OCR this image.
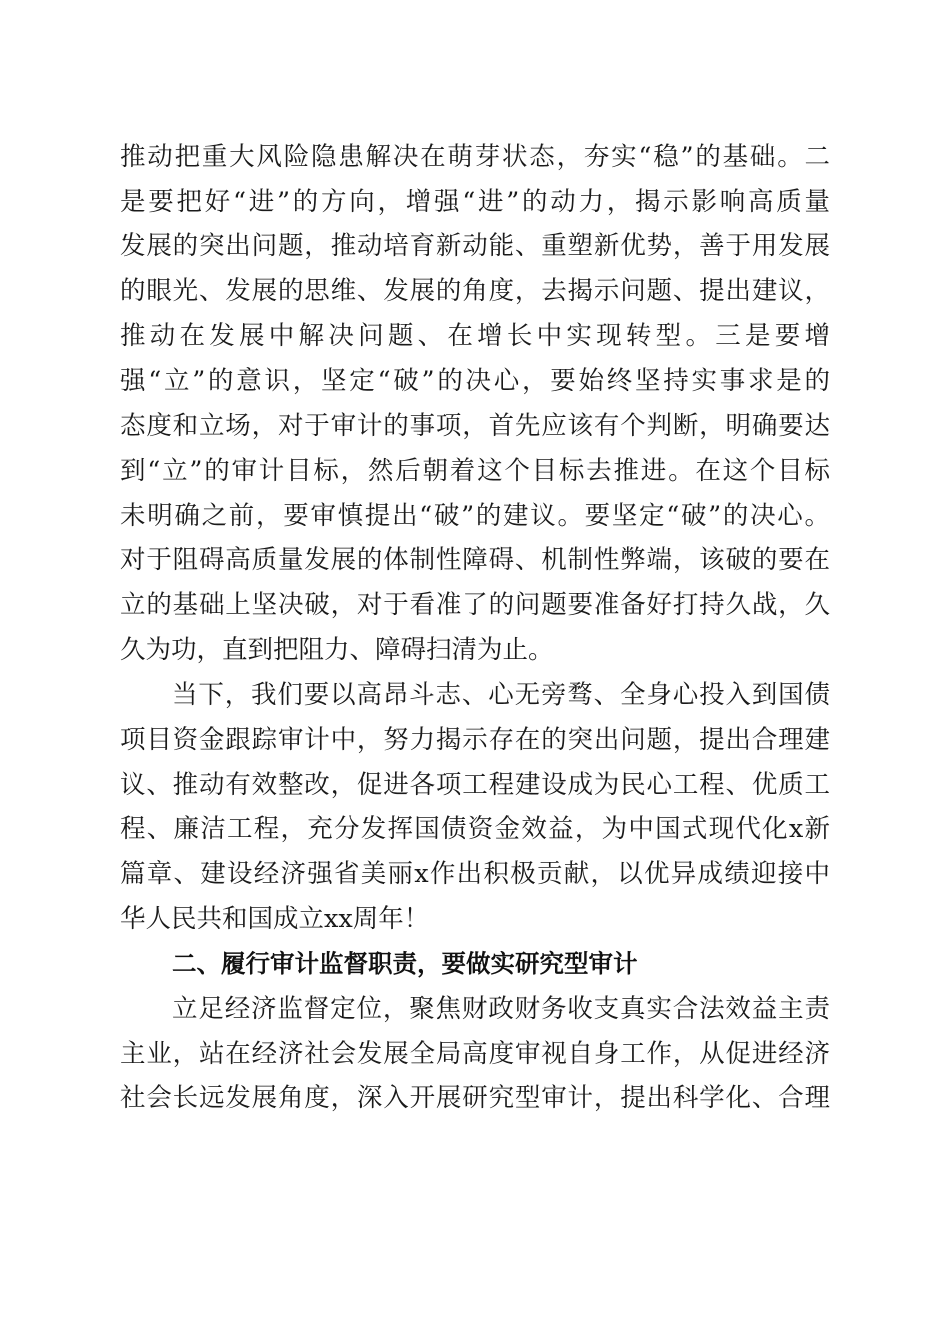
推动把重大风险隐患解决在萌芽状态，夯实“稳”的基础。二
是要把好“进”的方向，增强“进”的动力，揭示影响高质量
发展的突出问题，推动培育新动能、重塑新优势，善于用发展
的眼光、发展的思维、发展的角度，去揭示问题、提出建议，
推动在发展中解决问题、在增长中实现转型。三是要增
强“立”的意识，坚定“破”的决心，要始终坚持实事求是的
态度和立场，对于审计的事项，首先应该有个判断，明确要达
到“立”的审计目标，然后朝着这个目标去推进。在这个目标
未明确之前，要审慎提出“破”的建议。要坚定“破”的决心。
对于阻碍高质量发展的体制性障碍、机制性弊端，该破的要在
立的基础上坚决破，对于看准了的问题要准备好打持久战，久
久为功，直到把阻力、障碍扫清为止。
当下，我们要以高昂斗志、心无旁骛、全身心投入到国债
项目资金跟踪审计中，努力揭示存在的突出问题，提出合理建
议、推动有效整改，促进各项工程建设成为民心工程、优质工
程、廉洁工程，充分发挥国债资金效益，为中国式现代化x新
篇章、建设经济强省美丽x作出积极贡献，以优异成绩迎接中
华人民共和国成立xx周年！
二、履行审计监督职责，要做实研究型审计
立足经济监督定位，聚焦财政财务收支真实合法效益主责
主业，站在经济社会发展全局高度审视自身工作，从促进经济
社会长远发展角度，深入开展研究型审计，提出科学化、合理
